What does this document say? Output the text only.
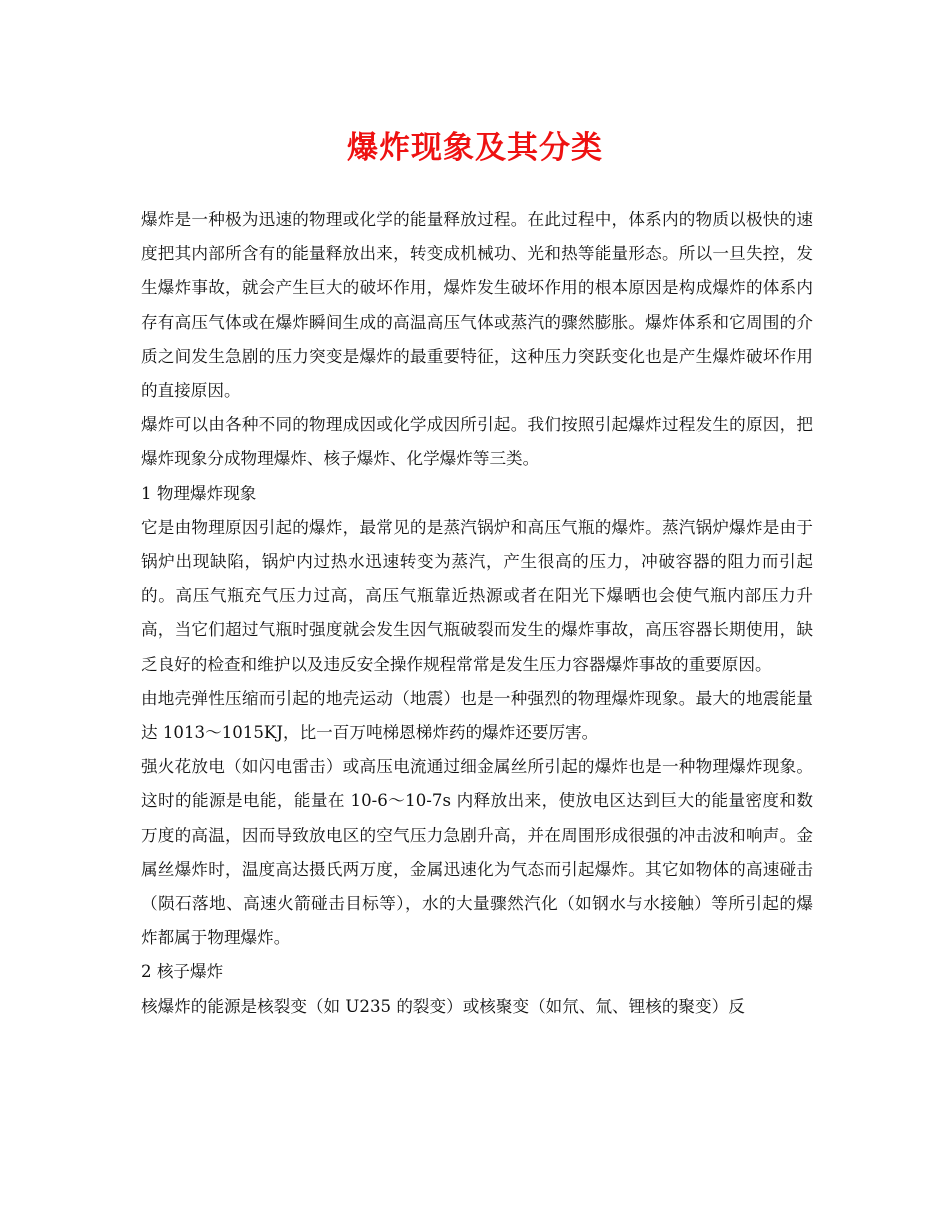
爆炸现象及其分类

爆炸是一种极为迅速的物理或化学的能量释放过程。在此过程中，体系内的物质以极快的速度把其内部所含有的能量释放出来，转变成机械功、光和热等能量形态。所以一旦失控，发生爆炸事故，就会产生巨大的破坏作用，爆炸发生破坏作用的根本原因是构成爆炸的体系内存有高压气体或在爆炸瞬间生成的高温高压气体或蒸汽的骤然膨胀。爆炸体系和它周围的介质之间发生急剧的压力突变是爆炸的最重要特征，这种压力突跃变化也是产生爆炸破坏作用的直接原因。

爆炸可以由各种不同的物理成因或化学成因所引起。我们按照引起爆炸过程发生的原因，把爆炸现象分成物理爆炸、核子爆炸、化学爆炸等三类。

1 物理爆炸现象

它是由物理原因引起的爆炸，最常见的是蒸汽锅炉和高压气瓶的爆炸。蒸汽锅炉爆炸是由于锅炉出现缺陷，锅炉内过热水迅速转变为蒸汽，产生很高的压力，冲破容器的阻力而引起的。高压气瓶充气压力过高，高压气瓶靠近热源或者在阳光下爆晒也会使气瓶内部压力升高，当它们超过气瓶时强度就会发生因气瓶破裂而发生的爆炸事故，高压容器长期使用，缺乏良好的检查和维护以及违反安全操作规程常常是发生压力容器爆炸事故的重要原因。

由地壳弹性压缩而引起的地壳运动（地震）也是一种强烈的物理爆炸现象。最大的地震能量达 1013～1015KJ，比一百万吨梯恩梯炸药的爆炸还要厉害。

强火花放电（如闪电雷击）或高压电流通过细金属丝所引起的爆炸也是一种物理爆炸现象。这时的能源是电能，能量在 10-6～10-7s 内释放出来，使放电区达到巨大的能量密度和数万度的高温，因而导致放电区的空气压力急剧升高，并在周围形成很强的冲击波和响声。金属丝爆炸时，温度高达摄氏两万度，金属迅速化为气态而引起爆炸。其它如物体的高速碰击（陨石落地、高速火箭碰击目标等），水的大量骤然汽化（如钢水与水接触）等所引起的爆炸都属于物理爆炸。

2 核子爆炸

核爆炸的能源是核裂变（如 U235 的裂变）或核聚变（如氘、氚、锂核的聚变）反
